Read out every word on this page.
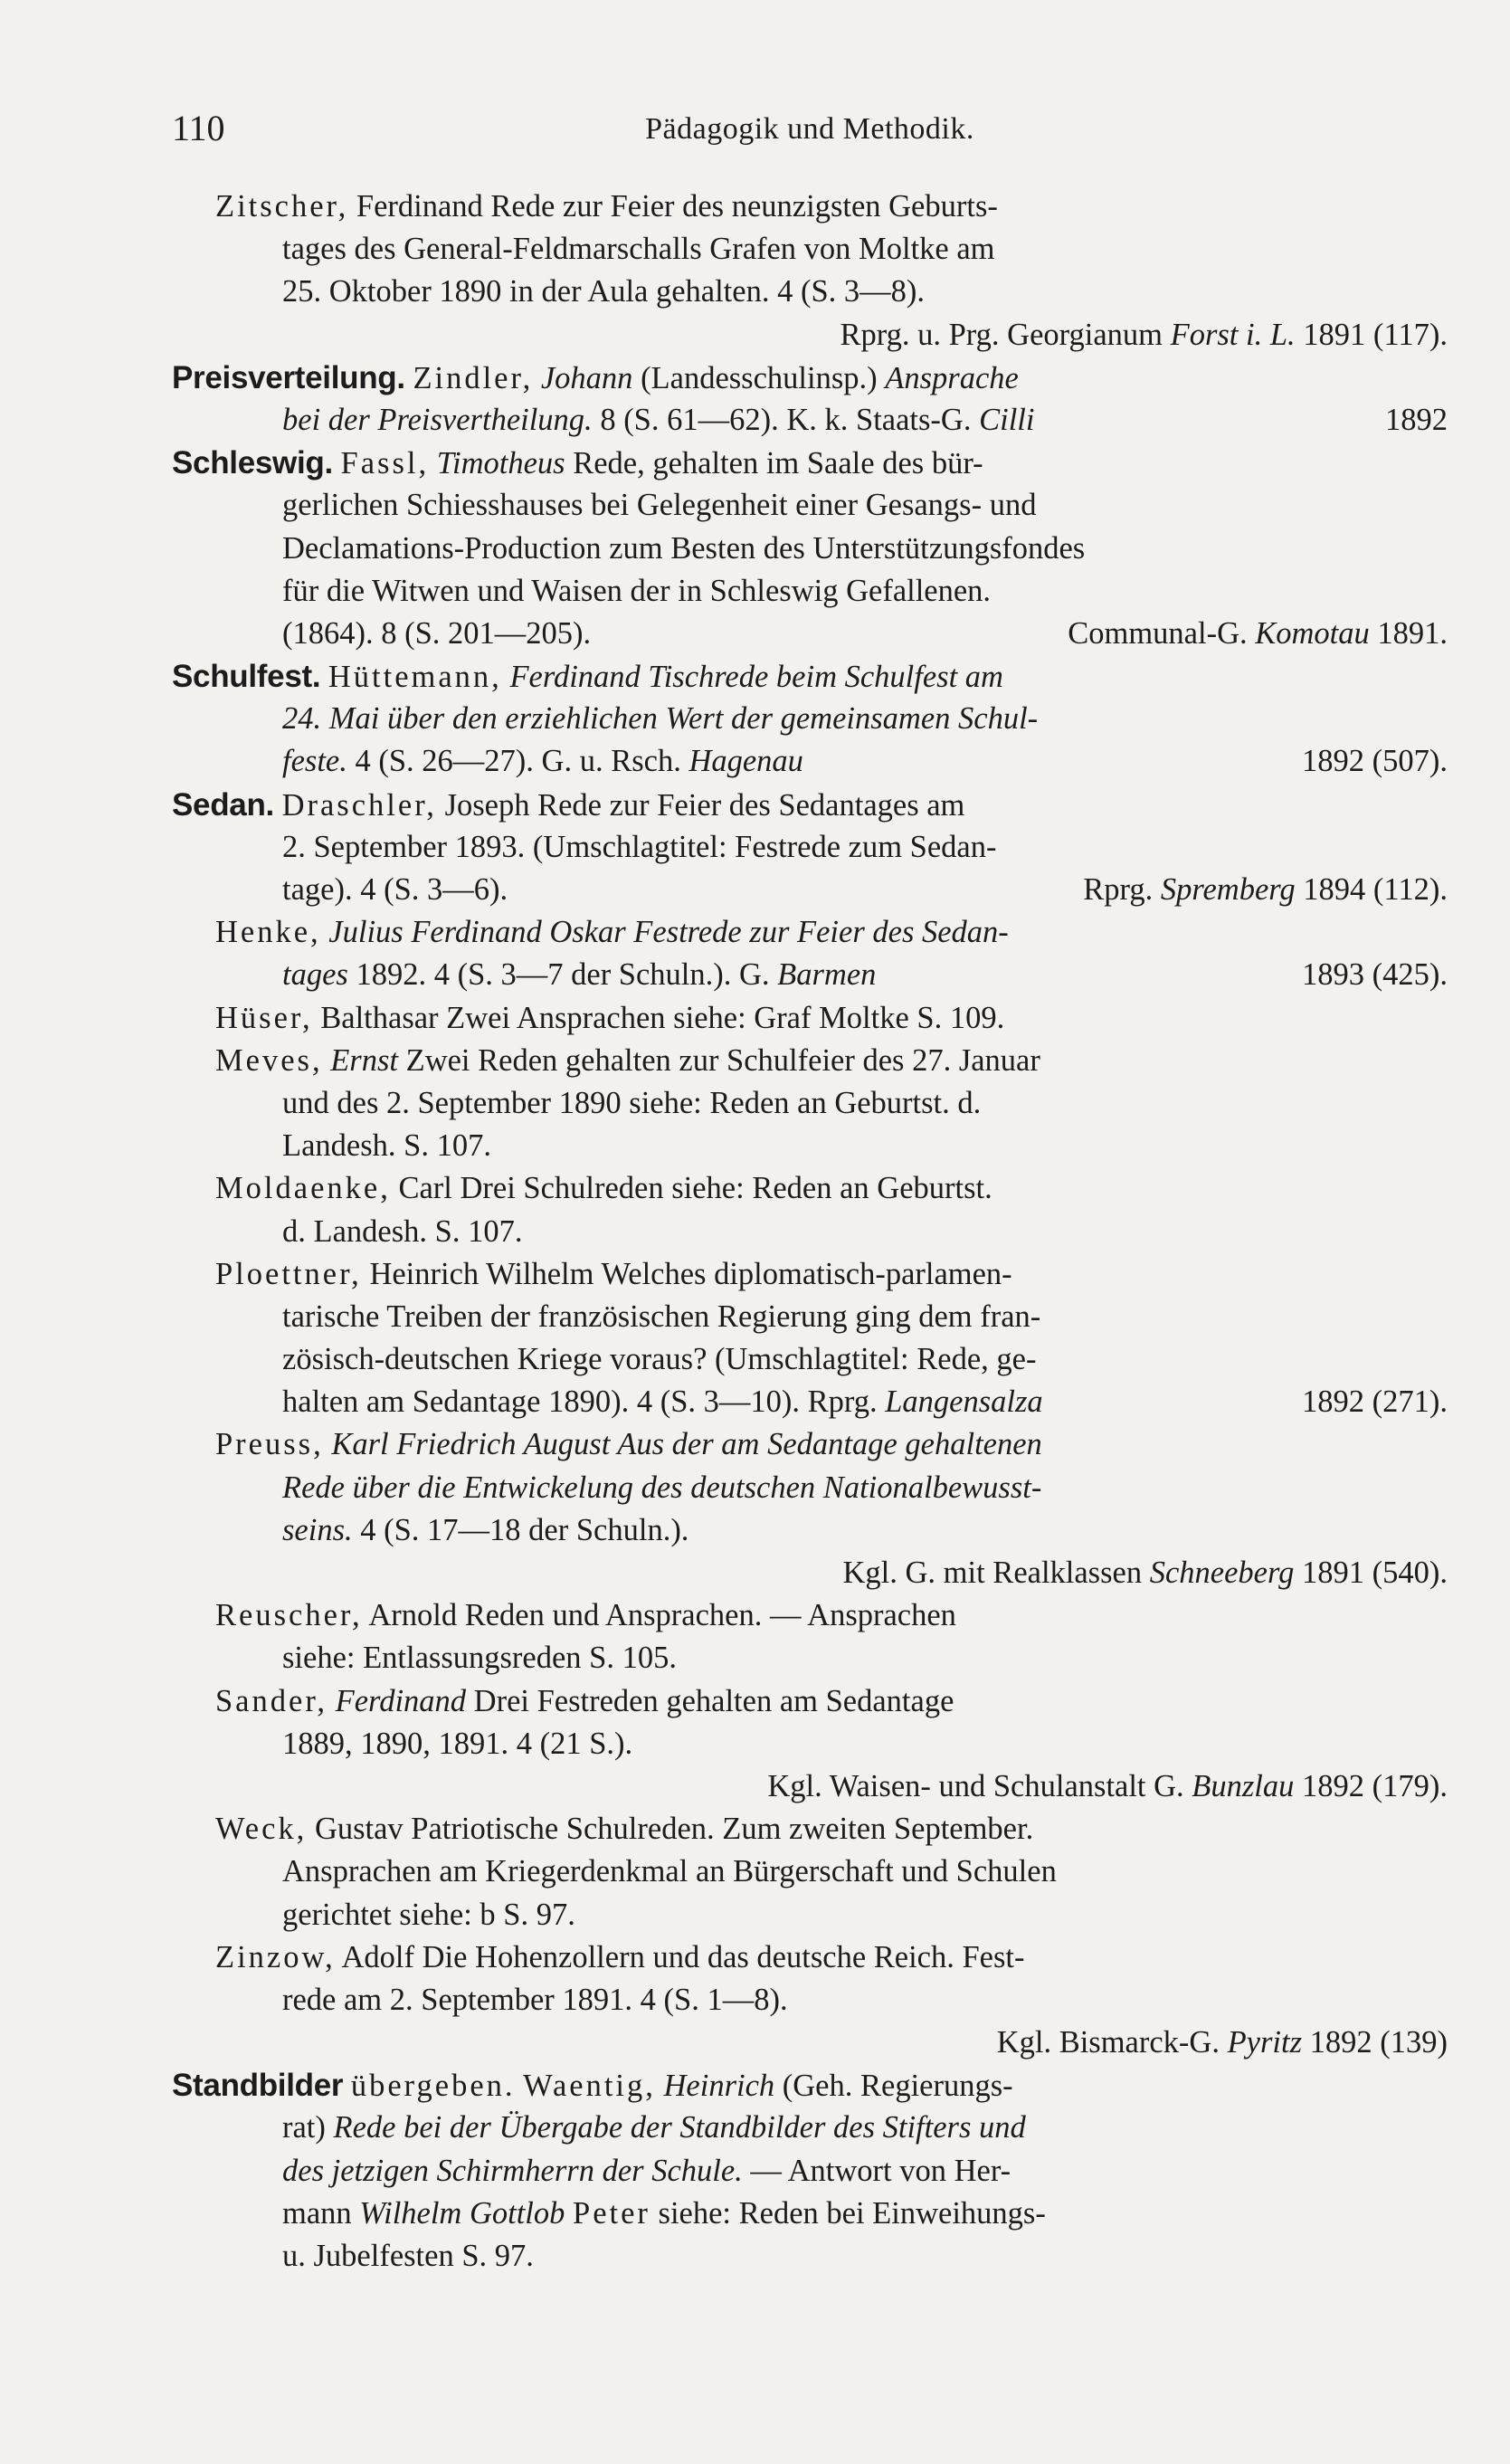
110	Pädagogik und Methodik.
Zitscher, Ferdinand Rede zur Feier des neunzigsten Geburts-
tages des General-Feldmarschalls Grafen von Moltke am
25. Oktober 1890 in der Aula gehalten. 4 (S. 3—8).
Rprg. u. Prg. Georgianum Forst i. L. 1891 (117).
Preisverteilung. Zindler, Johann (Landesschulinsp.) Ansprache
bei der Preisvertheilung. 8 (S. 61—62). K. k. Staats-G. Cilli	1892
Schleswig. Fassl, Timotheus Rede, gehalten im Saale des bür-
gerlichen Schiesshauses bei Gelegenheit einer Gesangs- und
Declamations-Production zum Besten des Unterstützungsfondes
für die Witwen und Waisen der in Schleswig Gefallenen.
(1864). 8 (S. 201—205).	Communal-G. Komotau 1891.
Schulfest. Hüttemann, Ferdinand Tischrede beim Schulfest am
24. Mai über den erziehlichen Wert der gemeinsamen Schul-
feste. 4 (S. 26—27). G. u. Rsch. Hagenau	1892 (507).
Sedan. Draschler, Joseph Rede zur Feier des Sedantages am
2. September 1893. (Umschlagtitel: Festrede zum Sedan-
tage). 4 (S. 3—6).	Rprg. Spremberg 1894 (112).
Henke, Julius Ferdinand Oskar Festrede zur Feier des Sedan-
tages 1892. 4 (S. 3—7 der Schuln.). G. Barmen	1893 (425).
Hüser, Balthasar Zwei Ansprachen siehe: Graf Moltke S. 109.
Meves, Ernst Zwei Reden gehalten zur Schulfeier des 27. Januar
und des 2. September 1890 siehe: Reden an Geburtst. d.
Landesh. S. 107.
Moldaenke, Carl Drei Schulreden siehe: Reden an Geburtst.
d. Landesh. S. 107.
Ploettner, Heinrich Wilhelm Welches diplomatisch-parlamen-
tarische Treiben der französischen Regierung ging dem fran-
zösisch-deutschen Kriege voraus? (Umschlagtitel: Rede, ge-
halten am Sedantage 1890). 4 (S. 3—10). Rprg. Langensalza	1892 (271).
Preuss, Karl Friedrich August Aus der am Sedantage gehaltenen
Rede über die Entwickelung des deutschen Nationalbewusst-
seins. 4 (S. 17—18 der Schuln.).
Kgl. G. mit Realklassen Schneeberg 1891 (540).
Reuscher, Arnold Reden und Ansprachen. — Ansprachen
siehe: Entlassungsreden S. 105.
Sander, Ferdinand Drei Festreden gehalten am Sedantage
1889, 1890, 1891. 4 (21 S.).
Kgl. Waisen- und Schulanstalt G. Bunzlau 1892 (179).
Weck, Gustav Patriotische Schulreden. Zum zweiten September.
Ansprachen am Kriegerdenkmal an Bürgerschaft und Schulen
gerichtet siehe: b S. 97.
Zinzow, Adolf Die Hohenzollern und das deutsche Reich. Fest-
rede am 2. September 1891. 4 (S. 1—8).
Kgl. Bismarck-G. Pyritz 1892 (139)
Standbilder übergeben. Waentig, Heinrich (Geh. Regierungs-
rat) Rede bei der Übergabe der Standbilder des Stifters und
des jetzigen Schirmherrn der Schule. — Antwort von Her-
mann Wilhelm Gottlob Peter siehe: Reden bei Einweihungs-
u. Jubelfesten S. 97.
